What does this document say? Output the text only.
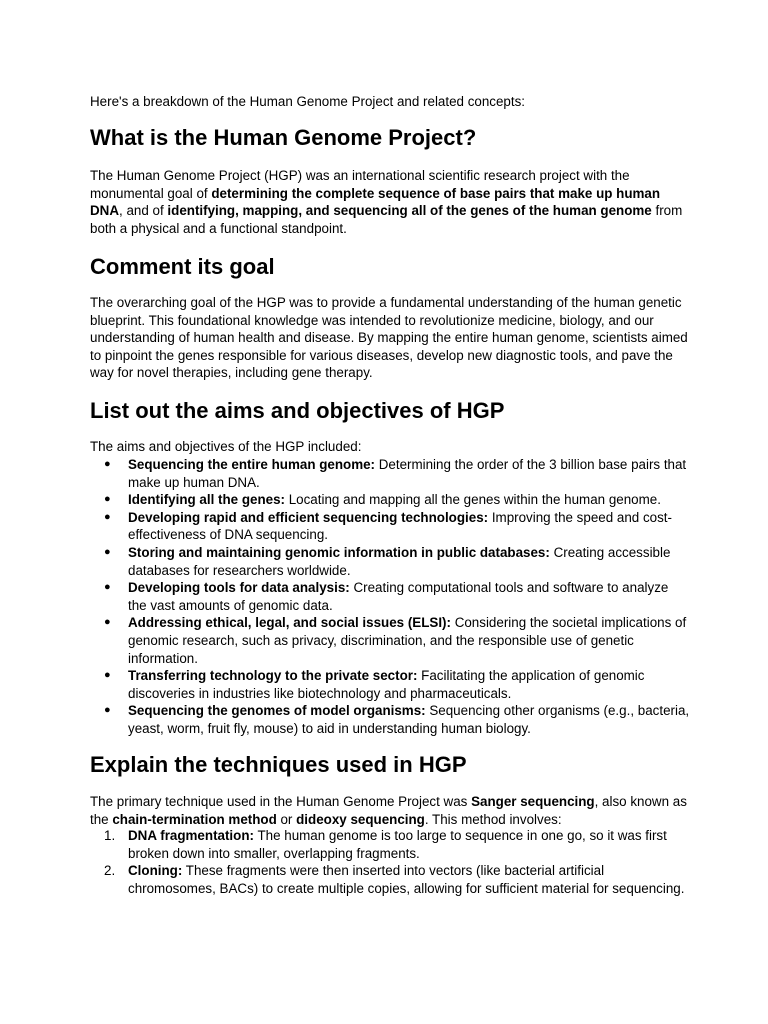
Here's a breakdown of the Human Genome Project and related concepts:

What is the Human Genome Project?

The Human Genome Project (HGP) was an international scientific research project with the monumental goal of determining the complete sequence of base pairs that make up human DNA, and of identifying, mapping, and sequencing all of the genes of the human genome from both a physical and a functional standpoint.

Comment its goal

The overarching goal of the HGP was to provide a fundamental understanding of the human genetic blueprint. This foundational knowledge was intended to revolutionize medicine, biology, and our understanding of human health and disease. By mapping the entire human genome, scientists aimed to pinpoint the genes responsible for various diseases, develop new diagnostic tools, and pave the way for novel therapies, including gene therapy.

List out the aims and objectives of HGP

The aims and objectives of the HGP included:

● Sequencing the entire human genome: Determining the order of the 3 billion base pairs that make up human DNA.
● Identifying all the genes: Locating and mapping all the genes within the human genome.
● Developing rapid and efficient sequencing technologies: Improving the speed and cost-effectiveness of DNA sequencing.
● Storing and maintaining genomic information in public databases: Creating accessible databases for researchers worldwide.
● Developing tools for data analysis: Creating computational tools and software to analyze the vast amounts of genomic data.
● Addressing ethical, legal, and social issues (ELSI): Considering the societal implications of genomic research, such as privacy, discrimination, and the responsible use of genetic information.
● Transferring technology to the private sector: Facilitating the application of genomic discoveries in industries like biotechnology and pharmaceuticals.
● Sequencing the genomes of model organisms: Sequencing other organisms (e.g., bacteria, yeast, worm, fruit fly, mouse) to aid in understanding human biology.
Explain the techniques used in HGP

The primary technique used in the Human Genome Project was Sanger sequencing, also known as the chain-termination method or dideoxy sequencing. This method involves:

1. DNA fragmentation: The human genome is too large to sequence in one go, so it was first broken down into smaller, overlapping fragments.
2. Cloning: These fragments were then inserted into vectors (like bacterial artificial chromosomes, BACs) to create multiple copies, allowing for sufficient material for sequencing.
